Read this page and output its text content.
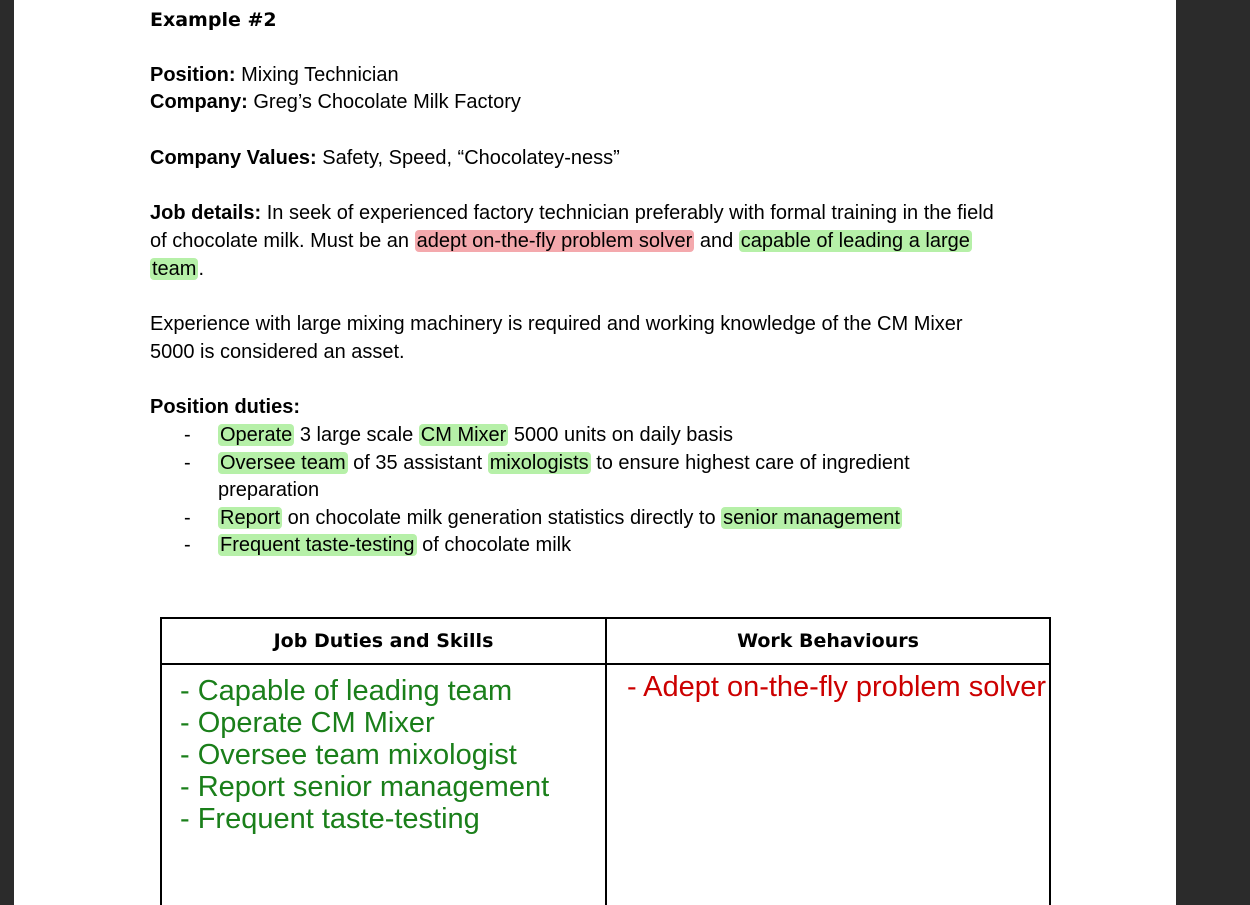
Example #2
Position: Mixing Technician
Company: Greg’s Chocolate Milk Factory
Company Values: Safety, Speed, “Chocolatey-ness”
Job details: In seek of experienced factory technician preferably with formal training in the field
of chocolate milk. Must be an adept on-the-fly problem solver and capable of leading a large
team .
Experience with large mixing machinery is required and working knowledge of the CM Mixer
5000 is considered an asset.
Position duties:
- Operate 3 large scale CM Mixer 5000 units on daily basis
- Oversee team of 35 assistant mixologists to ensure highest care of ingredient preparation
- Report on chocolate milk generation statistics directly to senior management
- Frequent taste-testing of chocolate milk
Job Duties and Skills	Work Behaviours

- Capable of leading team
- Operate CM Mixer
- Oversee team mixologist
- Report senior management
- Frequent taste-testing	- Adept on-the-fly problem solver
